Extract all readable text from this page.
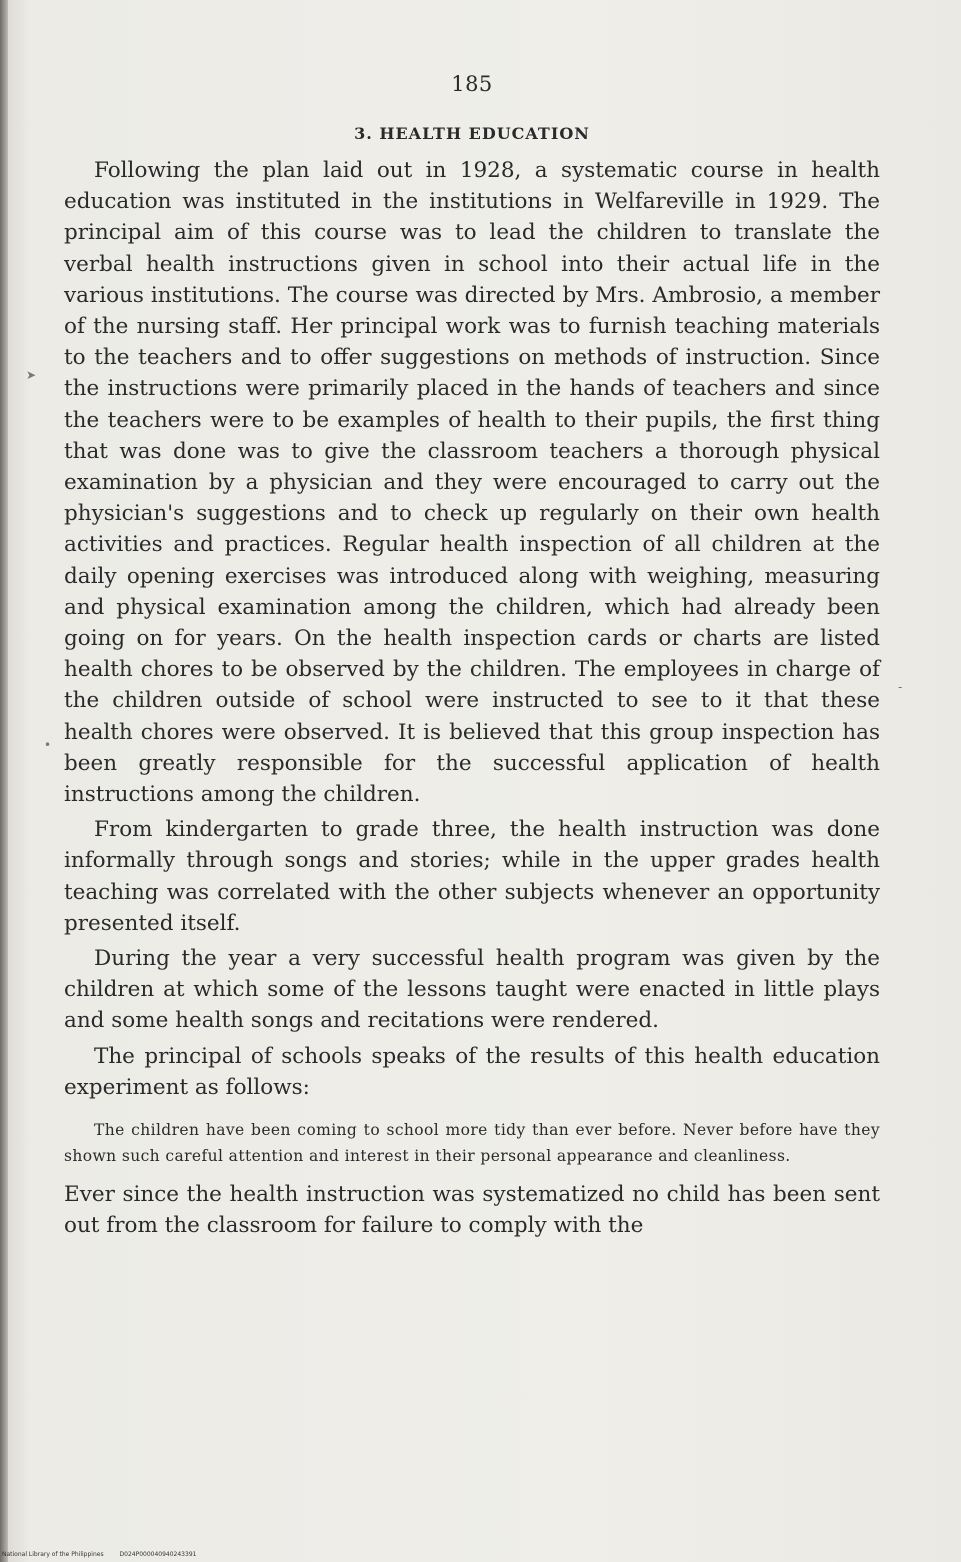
➤
•
-
185
3. HEALTH EDUCATION

Following the plan laid out in 1928, a systematic course in health education was instituted in the institutions in Welfareville in 1929. The principal aim of this course was to lead the children to translate the verbal health instructions given in school into their actual life in the various institutions. The course was directed by Mrs. Ambrosio, a member of the nursing staff. Her principal work was to furnish teaching materials to the teachers and to offer suggestions on methods of instruction. Since the instructions were primarily placed in the hands of teachers and since the teachers were to be examples of health to their pupils, the first thing that was done was to give the classroom teachers a thorough physical examination by a physician and they were encouraged to carry out the physician's suggestions and to check up regularly on their own health activities and practices. Regular health inspection of all children at the daily opening exercises was introduced along with weighing, measuring and physical examination among the children, which had already been going on for years. On the health inspection cards or charts are listed health chores to be observed by the children. The employees in charge of the children outside of school were instructed to see to it that these health chores were observed. It is believed that this group inspection has been greatly responsible for the successful application of health instructions among the children.

From kindergarten to grade three, the health instruction was done informally through songs and stories; while in the upper grades health teaching was correlated with the other subjects whenever an opportunity presented itself.

During the year a very successful health program was given by the children at which some of the lessons taught were enacted in little plays and some health songs and recitations were rendered.

The principal of schools speaks of the results of this health education experiment as follows:

The children have been coming to school more tidy than ever before. Never before have they shown such careful attention and interest in their personal appearance and cleanliness.

Ever since the health instruction was systematized no child has been sent out from the classroom for failure to comply with the

National Library of the Philippines	D024P000040940243391
